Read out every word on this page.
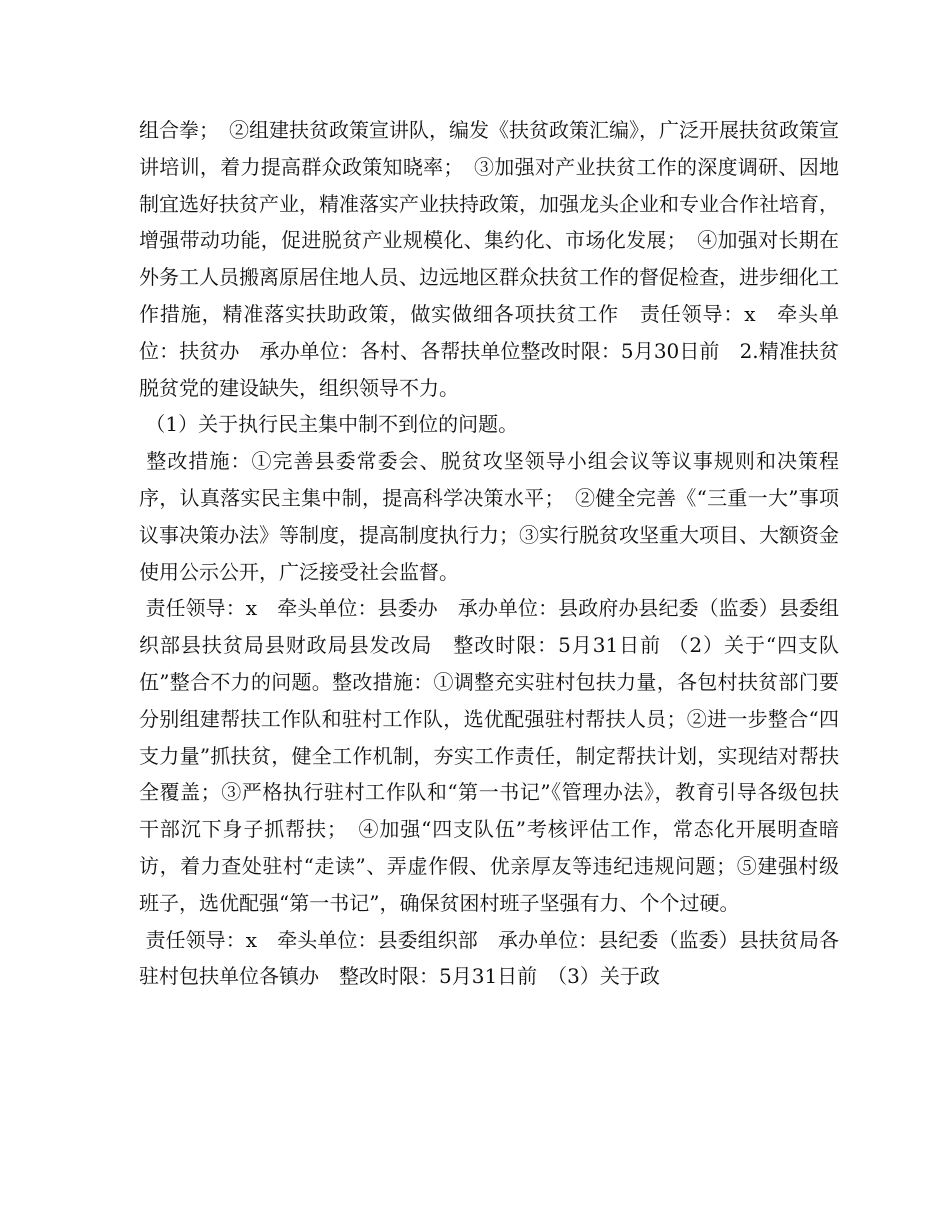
组合拳；　②组建扶贫政策宣讲队，编发《扶贫政策汇编》，广泛开展扶贫政策宣讲培训，着力提高群众政策知晓率；　③加强对产业扶贫工作的深度调研、因地制宜选好扶贫产业，精准落实产业扶持政策，加强龙头企业和专业合作社培育，增强带动功能，促进脱贫产业规模化、集约化、市场化发展；　④加强对长期在外务工人员搬离原居住地人员、边远地区群众扶贫工作的督促检查，进步细化工作措施，精准落实扶助政策，做实做细各项扶贫工作　责任领导：x　牵头单位：扶贫办　承办单位：各村、各帮扶单位整改时限：5月30日前　2.精准扶贫脱贫党的建设缺失，组织领导不力。

（1）关于执行民主集中制不到位的问题。

整改措施：①完善县委常委会、脱贫攻坚领导小组会议等议事规则和决策程序，认真落实民主集中制，提高科学决策水平；　②健全完善《“三重一大”事项议事决策办法》等制度，提高制度执行力；③实行脱贫攻坚重大项目、大额资金使用公示公开，广泛接受社会监督。

责任领导：x　牵头单位：县委办　承办单位：县政府办县纪委（监委）县委组织部县扶贫局县财政局县发改局　整改时限：5月31日前 （2）关于“四支队伍”整合不力的问题。整改措施：①调整充实驻村包扶力量，各包村扶贫部门要分别组建帮扶工作队和驻村工作队，选优配强驻村帮扶人员；②进一步整合“四支力量”抓扶贫，健全工作机制，夯实工作责任，制定帮扶计划，实现结对帮扶全覆盖；③严格执行驻村工作队和“第一书记”《管理办法》，教育引导各级包扶干部沉下身子抓帮扶；　④加强“四支队伍”考核评估工作，常态化开展明查暗访，着力查处驻村“走读”、弄虚作假、优亲厚友等违纪违规问题；⑤建强村级班子，选优配强“第一书记”，确保贫困村班子坚强有力、个个过硬。

责任领导：x　牵头单位：县委组织部　承办单位：县纪委（监委）县扶贫局各驻村包扶单位各镇办　整改时限：5月31日前　（3）关于政
